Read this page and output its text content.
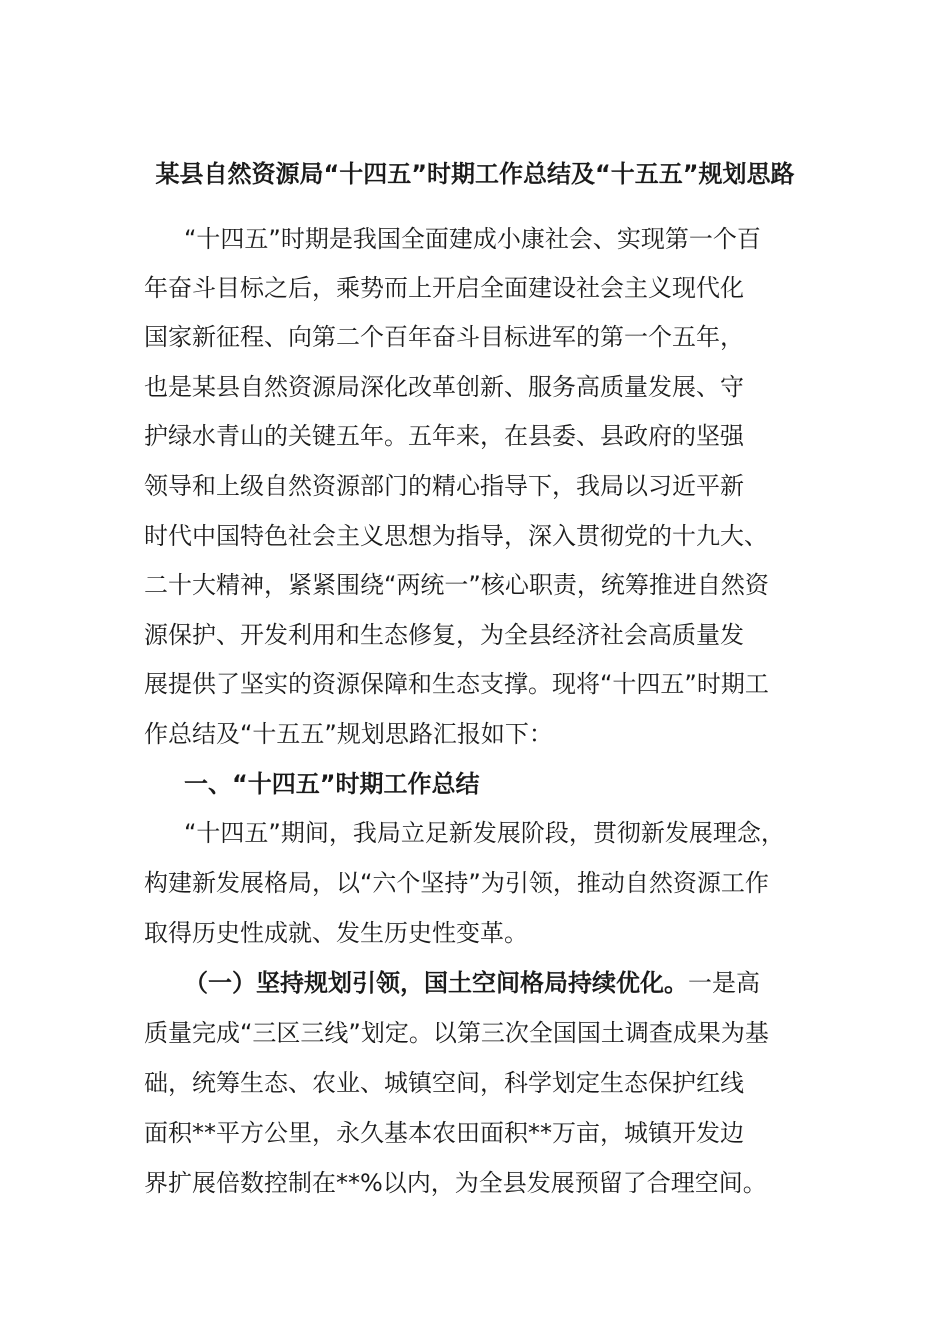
某县自然资源局“十四五”时期工作总结及“十五五”规划思路
“十四五”时期是我国全面建成小康社会、实现第一个百
年奋斗目标之后，乘势而上开启全面建设社会主义现代化
国家新征程、向第二个百年奋斗目标进军的第一个五年，
也是某县自然资源局深化改革创新、服务高质量发展、守
护绿水青山的关键五年。五年来，在县委、县政府的坚强
领导和上级自然资源部门的精心指导下，我局以习近平新
时代中国特色社会主义思想为指导，深入贯彻党的十九大、
二十大精神，紧紧围绕“两统一”核心职责，统筹推进自然资
源保护、开发利用和生态修复，为全县经济社会高质量发
展提供了坚实的资源保障和生态支撑。现将“十四五”时期工
作总结及“十五五”规划思路汇报如下：
一、“十四五”时期工作总结
“十四五”期间，我局立足新发展阶段，贯彻新发展理念，
构建新发展格局，以“六个坚持”为引领，推动自然资源工作
取得历史性成就、发生历史性变革。
（一）坚持规划引领，国土空间格局持续优化。一是高
质量完成“三区三线”划定。以第三次全国国土调查成果为基
础，统筹生态、农业、城镇空间，科学划定生态保护红线
面积**平方公里，永久基本农田面积**万亩，城镇开发边
界扩展倍数控制在**%以内，为全县发展预留了合理空间。
